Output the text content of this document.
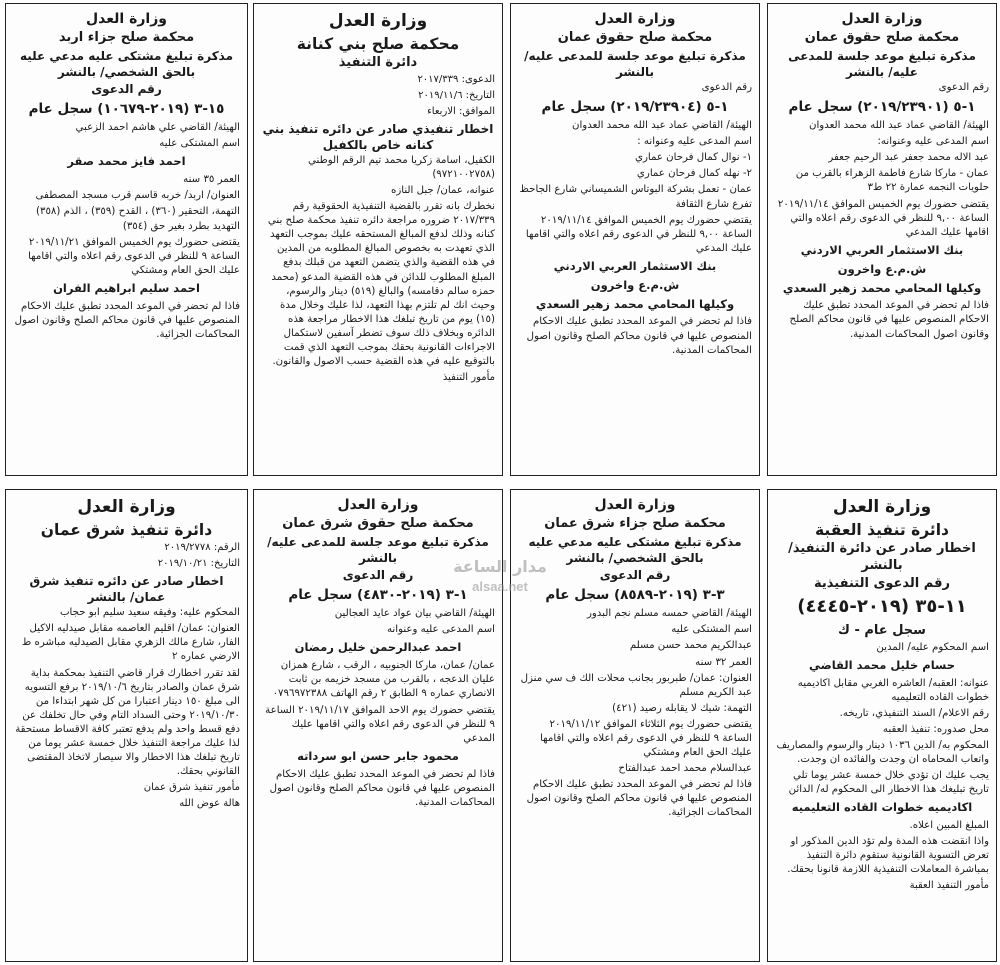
وزارة العدل
محكمة صلح جزاء اربد
مذكرة تبليغ مشتكى عليه مدعي عليه بالحق الشخصي/ بالنشر
رقم الدعوى
١٥-٣ (٢٠١٩-١٠٦٧٩) سجل عام

الهيئة/ القاضي علي هاشم احمد الزعبي

اسم المشتكى عليه

احمد فايز محمد صقر

العمر ٣٥ سنه

العنوان/ اربد/ خربه قاسم قرب مسجد المصطفى

التهمة، التحقير (٣٦٠) ، القدح (٣٥٩) ، الذم (٣٥٨) التهديد بطرد بغير حق (٣٥٤)

يقتضى حضورك يوم الخميس الموافق ٢٠١٩/١١/٢١ الساعة ٩ للنظر في الدعوى رقم اعلاه والتي اقامها عليك الحق العام ومشتكي

احمد سليم ابراهيم الفران

فاذا لم تحضر في الموعد المحدد تطبق عليك الاحكام المنصوص عليها في قانون محاكم الصلح وقانون اصول المحاكمات الجزائية.

وزارة العدل
محكمة صلح بني كنانة
دائرة التنفيذ

الدعوى: ٢٠١٧/٣٣٩

التاريخ: ٢٠١٩/١١/٦

الموافق: الاربعاء

اخطار تنفيذي صادر عن دائره تنفيذ بني كنانه خاص بالكفيل

الكفيل، اسامة زكريا محمد تيم الرقم الوطني (٩٧٢١٠٠٢٧٥٨)

عنوانه، عمان/ جبل النازه

نخطرك بانه تقرر بالقضية التنفيذية الحقوقية رقم ٢٠١٧/٣٣٩ ضروره مراجعة دائره تنفيذ محكمة صلح بني كنانه وذلك لدفع المبالغ المستحقه عليك بموجب التعهد الذي تعهدت به بخصوص المبالغ المطلوبه من المدين في هذه القضية والذي يتضمن التعهد من قبلك بدفع المبلغ المطلوب للدائن في هذه القضية المدعو (محمد حمزه سالم دقامسه) والبالغ (٥١٩) دينار والرسوم، وحيث انك لم تلتزم بهذا التعهد، لذا عليك وخلال مدة (١٥) يوم من تاريخ تبلغك هذا الاخطار مراجعة هذه الدائره وبخلاف ذلك سوف تضطر آسفين لاستكمال الاجراءات القانونية بحقك بموجب التعهد الذي قمت بالتوقيع عليه في هذه القضية حسب الاصول والقانون.

مأمور التنفيذ

وزارة العدل
محكمة صلح حقوق عمان
مذكرة تبليغ موعد جلسة للمدعى عليه/ بالنشر

رقم الدعوى

١-٥ (٢٠١٩/٢٣٩٠٤) سجل عام

الهيئة/ القاضي عماد عبد الله محمد العدوان

اسم المدعى عليه وعنوانه :

١- نوال كمال فرحان عماري

٢- نهله كمال فرحان عماري

عمان - تعمل بشركة البوتاس الشميساني شارع الجاحظ تفرع شارع الثقافة

يقتضي حضورك يوم الخميس الموافق ٢٠١٩/١١/١٤ الساعة ٩,٠٠ للنظر في الدعوى رقم اعلاه والتي اقامها عليك المدعي

بنك الاستثمار العربي الاردني
ش.م.ع واخرون
وكيلها المحامي محمد زهير السعدي

فاذا لم تحضر في الموعد المحدد تطبق عليك الاحكام المنصوص عليها في قانون محاكم الصلح وقانون اصول المحاكمات المدنية.

وزارة العدل
محكمة صلح حقوق عمان
مذكرة تبليغ موعد جلسة للمدعى عليه/ بالنشر

رقم الدعوى

١-٥ (٢٠١٩/٢٣٩٠١) سجل عام

الهيئة/ القاضي عماد عبد الله محمد العدوان

اسم المدعى عليه وعنوانه:

عبد الاله محمد جعفر عبد الرحيم جعفر

عمان - ماركا شارع فاطمة الزهراء بالقرب من حلويات النجمه عمارة ٢٢ ط٣

يقتضى حضورك يوم الخميس الموافق ٢٠١٩/١١/١٤ الساعة ٩,٠٠ للنظر في الدعوى رقم اعلاه والتي اقامها عليك المدعي

بنك الاستثمار العربي الاردني
ش.م.ع واخرون
وكيلها المحامي محمد زهير السعدي

فاذا لم تحضر في الموعد المحدد تطبق عليك الاحكام المنصوص عليها في قانون محاكم الصلح وقانون اصول المحاكمات المدنية.

وزارة العدل
دائرة تنفيذ شرق عمان

الرقم: ٢٠١٩/٢٧٧٨

التاريخ: ٢٠١٩/١٠/٢١

اخطار صادر عن دائره تنفيذ شرق عمان/ بالنشر

المحكوم عليه: وفيقه سعيد سليم ابو حجاب

العنوان: عمان/ اقليم العاصمه مقابل صيدليه الاكيل الفار، شارع مالك الزهري مقابل الصيدليه مباشره ط الارضي عماره ٢

لقد تقرر اخطارك قرار قاضي التنفيذ بمحكمة بداية شرق عمان والصادر بتاريخ ٢٠١٩/١٠/٦ برفع التسويه الى مبلغ ١٥٠ دينار اعتبارا من كل شهر ابتداءا من ٢٠١٩/١٠/٣٠ وحتى السداد التام وفي حال تخلفك عن دفع قسط واحد ولم يدفع تعتبر كافة الاقساط مستحقة لذا عليك مراجعة التنفيذ خلال خمسة عشر يوما من تاريخ تبلغك هذا الاخطار والا سيصار لاتخاذ المقتضى القانوني بحقك.

مأمور تنفيذ شرق عمان

هالة عوض الله

وزارة العدل
محكمة صلح حقوق شرق عمان
مذكرة تبليغ موعد جلسة للمدعى عليه/ بالنشر
رقم الدعوى
١-٣ (٢٠١٩-٤٨٣٠) سجل عام

الهيئة/ القاضي بيان عواد عايد العجالين

اسم المدعى عليه وعنوانه

احمد عبدالرحمن خليل رمضان

عمان/ عمان، ماركا الجنوبيه ، الرقب ، شارع همزان عليان الدعجه ، بالقرب من مسجد خزيمه بن ثابت الانصاري عماره ٩ الطابق ٢ رقم الهاتف ٠٧٩٦٩٧٢٣٨٨

يقتضي حضورك يوم الاحد الموافق ٢٠١٩/١١/١٧ الساعة ٩ للنظر في الدعوى رقم اعلاه والتي اقامها عليك المدعي

محمود جابر حسن ابو سرداته

فاذا لم تحضر في الموعد المحدد تطبق عليك الاحكام المنصوص عليها في قانون محاكم الصلح وقانون اصول المحاكمات المدنية.

وزارة العدل
محكمة صلح جزاء شرق عمان
مذكرة تبليغ مشتكى عليه مدعي عليه بالحق الشخصي/ بالنشر
رقم الدعوى
٣-٣ (٢٠١٩-٨٥٨٩) سجل عام

الهيئة/ القاضي حمسه مسلم نجم البدور

اسم المشتكى عليه

عبدالكريم محمد حسن مسلم

العمر ٣٢ سنه

العنوان: عمان/ طبربور بجانب محلات الك ف سي منزل عبد الكريم مسلم

التهمة: شيك لا يقابله رصيد (٤٢١)

يقتضى حضورك يوم الثلاثاء الموافق ٢٠١٩/١١/١٢ الساعة ٩ للنظر في الدعوى رقم اعلاه والتي اقامها عليك الحق العام ومشتكي

عبدالسلام محمد احمد عبدالفتاح

فاذا لم تحضر في الموعد المحدد تطبق عليك الاحكام المنصوص عليها في قانون محاكم الصلح وقانون اصول المحاكمات الجزائية.

وزارة العدل
دائرة تنفيذ العقبة
اخطار صادر عن دائرة التنفيذ/ بالنشر
رقم الدعوى التنفيذية
١١-٣٥ (٢٠١٩-٤٤٤٥)
سجل عام - ك

اسم المحكوم عليه/ المدين

حسام خليل محمد القاضي

عنوانه: العقبه/ العاشره الغربي مقابل اكاديميه خطوات القاده التعليميه

رقم الاعلام/ السند التنفيذي، تاريخه.

محل صدوره: تنفيذ العقبه

المحكوم به/ الدين ١٠٣٦ دينار والرسوم والمصاريف واتعاب المحاماه ان وجدت والفائده ان وجدت.

يجب عليك ان تؤدي خلال خمسة عشر يوما تلي تاريخ تبليغك هذا الاخطار الى المحكوم له/ الدائن

اكاديميه خطوات القاده التعليميه

المبلغ المبين اعلاه.

واذا انقضت هذه المدة ولم تؤد الدين المذكور او تعرض التسوية القانونية ستقوم دائرة التنفيذ بمباشرة المعاملات التنفيذية اللازمة قانونا بحقك.

مأمور التنفيذ العقبة

مدار الساعة
alsaa.net
